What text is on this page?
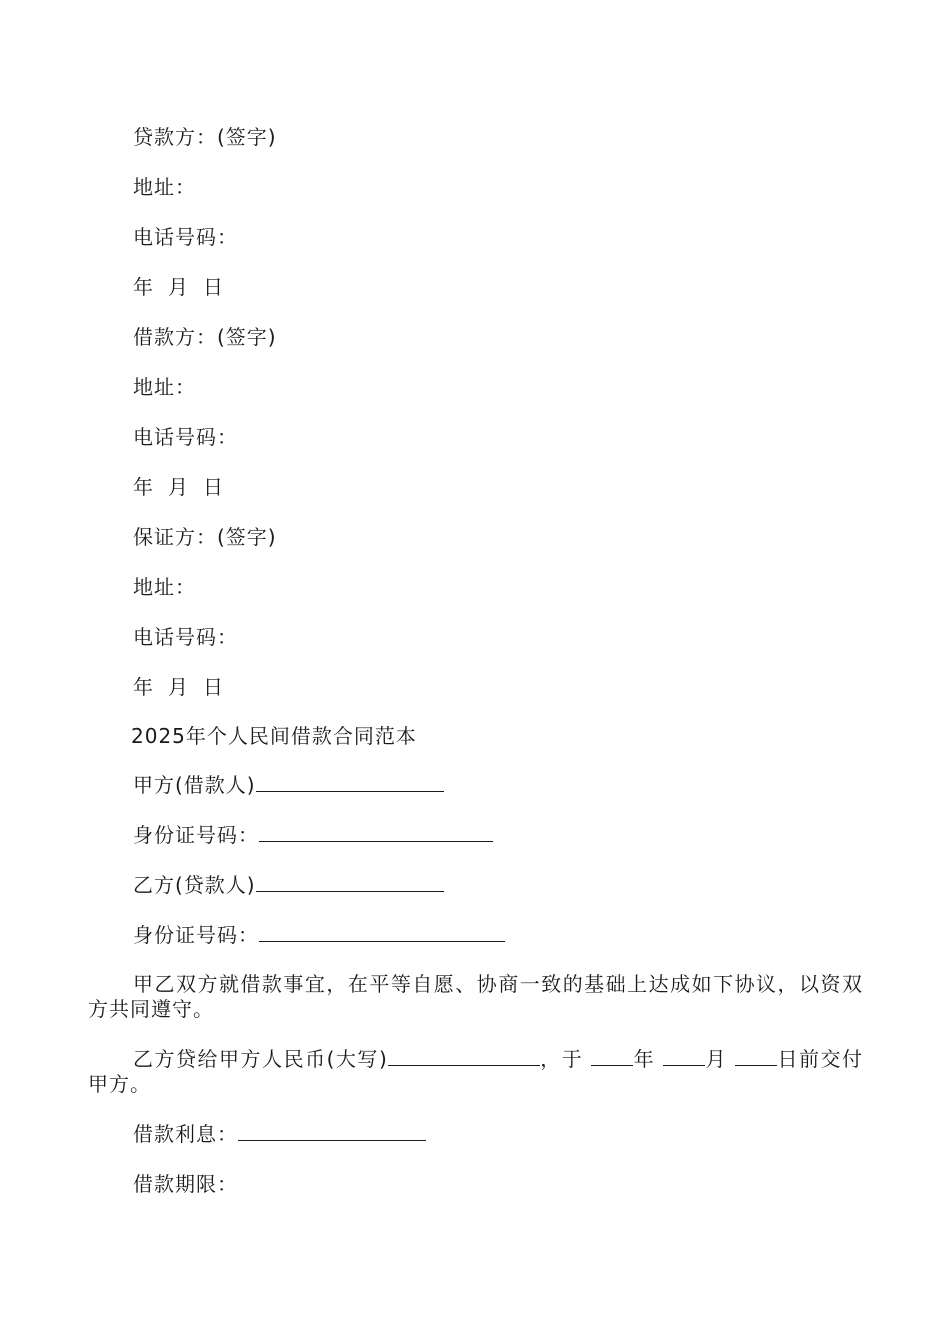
贷款方：(签字)
地址：
电话号码：
年 月 日
借款方：(签字)
地址：
电话号码：
年 月 日
保证方：(签字)
地址：
电话号码：
年 月 日
2025年个人民间借款合同范本
甲方(借款人)
身份证号码：
乙方(贷款人)
身份证号码：
甲乙双方就借款事宜，在平等自愿、协商一致的基础上达成如下协议，以资双方共同遵守。
乙方贷给甲方人民币(大写)	，于 年 月 日前交付甲方。
借款利息：
借款期限：
